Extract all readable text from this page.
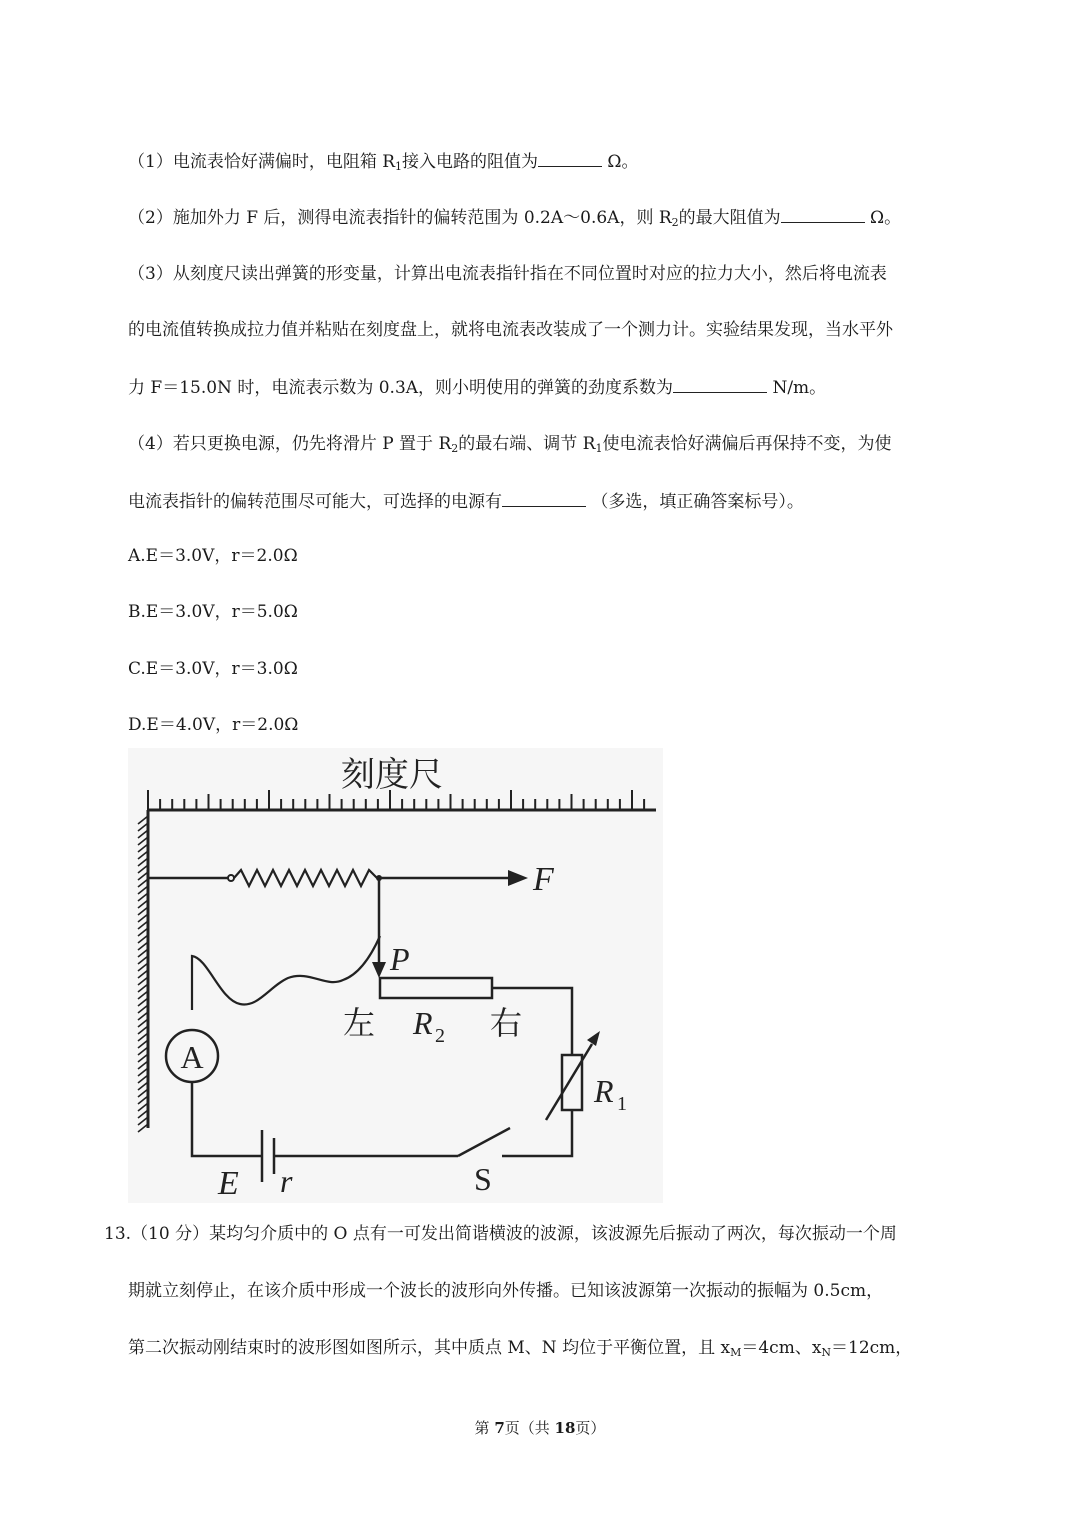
（1）电流表恰好满偏时，电阻箱 $R_1$接入电路的阻值为	Ω。
（2）施加外力 F 后，测得电流表指针的偏转范围为 0.2A～0.6A，则 $R_2$的最大阻值为	Ω。
（3）从刻度尺读出弹簧的形变量，计算出电流表指针指在不同位置时对应的拉力大小，然后将电流表
的电流值转换成拉力值并粘贴在刻度盘上，就将电流表改装成了一个测力计。实验结果发现，当水平外
力 F＝15.0N 时，电流表示数为 0.3A，则小明使用的弹簧的劲度系数为	N/m。
（4）若只更换电源，仍先将滑片 P 置于 $R_2$的最右端、调节 $R_1$使电流表恰好满偏后再保持不变，为使
电流表指针的偏转范围尽可能大，可选择的电源有	（多选，填正确答案标号）。
A.E＝3.0V，r＝2.0Ω
B.E＝3.0V，r＝5.0Ω
C.E＝3.0V，r＝3.0Ω
D.E＝4.0V，r＝2.0Ω
刻度尺
F
P
左 R 2 右
R 1
S
E r
A
13.（10 分）某均匀介质中的 O 点有一可发出简谐横波的波源，该波源先后振动了两次，每次振动一个周
期就立刻停止，在该介质中形成一个波长的波形向外传播。已知该波源第一次振动的振幅为 0.5cm，
第二次振动刚结束时的波形图如图所示，其中质点 M、N 均位于平衡位置，且 $x_M=4cm$、$x_N=12cm$，
第 7页（共 18页）
